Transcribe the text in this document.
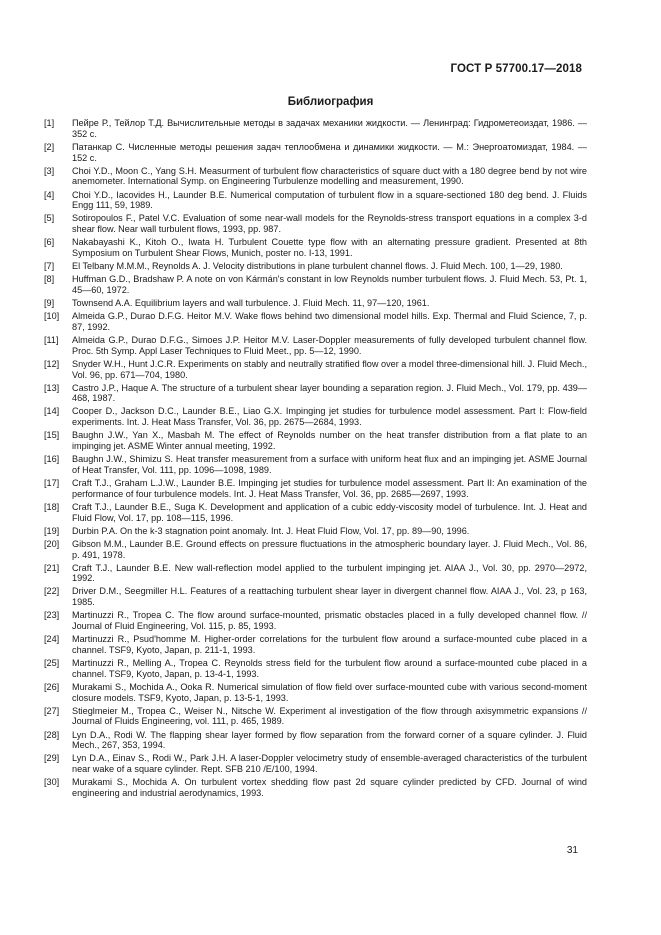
ГОСТ Р 57700.17—2018
Библиография
[1]	Пейре Р., Тейлор Т.Д. Вычислительные методы в задачах механики жидкости. — Ленинград: Гидрометеоиздат, 1986. — 352 с.
[2]	Патанкар С. Численные методы решения задач теплообмена и динамики жидкости. — М.: Энергоатомиздат, 1984. — 152 с.
[3]	Choi Y.D., Moon C., Yang S.H. Measurment of turbulent flow characteristics of square duct with a 180 degree bend by not wire anemometer. International Symp. on Engineering Turbulenze modelling and measurement, 1990.
[4]	Choi Y.D., Iacovides H., Launder B.E. Numerical computation of turbulent flow in a square-sectioned 180 deg bend. J. Fluids Engg 111, 59, 1989.
[5]	Sotiropoulos F., Patel V.C. Evaluation of some near-wall models for the Reynolds-stress transport equations in a complex 3-d shear flow. Near wall turbulent flows, 1993, pp. 987.
[6]	Nakabayashi K., Kitoh O., Iwata H. Turbulent Couette type flow with an alternating pressure gradient. Presented at 8th Symposium on Turbulent Shear Flows, Munich, poster no. I-13, 1991.
[7]	El Telbany M.M.M., Reynolds A. J. Velocity distributions in plane turbulent channel flows. J. Fluid Mech. 100, 1—29, 1980.
[8]	Huffman G.D., Bradshaw P. A note on von Kármán's constant in low Reynolds number turbulent flows. J. Fluid Mech. 53, Pt. 1, 45—60, 1972.
[9]	Townsend A.A. Equilibrium layers and wall turbulence. J. Fluid Mech. 11, 97—120, 1961.
[10]	Almeida G.P., Durao D.F.G. Heitor M.V. Wake flows behind two dimensional model hills. Exp. Thermal and Fluid Science, 7, p. 87, 1992.
[11]	Almeida G.P., Durao D.F.G., Simoes J.P. Heitor M.V. Laser-Doppler measurements of fully developed turbulent channel flow. Proc. 5th Symp. Appl Laser Techniques to Fluid Meet., pp. 5—12, 1990.
[12]	Snyder W.H., Hunt J.C.R. Experiments on stably and neutrally stratified flow over a model three-dimensional hill. J. Fluid Mech., Vol. 96, pp. 671—704, 1980.
[13]	Castro J.P., Haque A. The structure of a turbulent shear layer bounding a separation region. J. Fluid Mech., Vol. 179, pp. 439—468, 1987.
[14]	Cooper D., Jackson D.C., Launder B.E., Liao G.X. Impinging jet studies for turbulence model assessment. Part I: Flow-field experiments. Int. J. Heat Mass Transfer, Vol. 36, pp. 2675—2684, 1993.
[15]	Baughn J.W., Yan X., Masbah M. The effect of Reynolds number on the heat transfer distribution from a flat plate to an impinging jet. ASME Winter annual meeting, 1992.
[16]	Baughn J.W., Shimizu S. Heat transfer measurement from a surface with uniform heat flux and an impinging jet. ASME Journal of Heat Transfer, Vol. 111, pp. 1096—1098, 1989.
[17]	Craft T.J., Graham L.J.W., Launder B.E. Impinging jet studies for turbulence model assessment. Part II: An examination of the performance of four turbulence models. Int. J. Heat Mass Transfer, Vol. 36, pp. 2685—2697, 1993.
[18]	Craft T.J., Launder B.E., Suga K. Development and application of a cubic eddy-viscosity model of turbulence. Int. J. Heat and Fluid Flow, Vol. 17, pp. 108—115, 1996.
[19]	Durbin P.A. On the k-3 stagnation point anomaly. Int. J. Heat Fluid Flow, Vol. 17, pp. 89—90, 1996.
[20]	Gibson M.M., Launder B.E. Ground effects on pressure fluctuations in the atmospheric boundary layer. J. Fluid Mech., Vol. 86, p. 491, 1978.
[21]	Craft T.J., Launder B.E. New wall-reflection model applied to the turbulent impinging jet. AIAA J., Vol. 30, pp. 2970—2972, 1992.
[22]	Driver D.M., Seegmiller H.L. Features of a reattaching turbulent shear layer in divergent channel flow. AIAA J., Vol. 23, p 163, 1985.
[23]	Martinuzzi R., Tropea C. The flow around surface-mounted, prismatic obstacles placed in a fully developed channel flow. // Journal of Fluid Engineering, Vol. 115, p. 85, 1993.
[24]	Martinuzzi R., Psud'homme M. Higher-order correlations for the turbulent flow around a surface-mounted cube placed in a channel. TSF9, Kyoto, Japan, p. 211-1, 1993.
[25]	Martinuzzi R., Melling A., Tropea C. Reynolds stress field for the turbulent flow around a surface-mounted cube placed in a channel. TSF9, Kyoto, Japan, p. 13-4-1, 1993.
[26]	Murakami S., Mochida A., Ooka R. Numerical simulation of flow field over surface-mounted cube with various second-moment closure models. TSF9, Kyoto, Japan, p. 13-5-1, 1993.
[27]	Stieglmeier M., Tropea C., Weiser N., Nitsche W. Experiment al investigation of the flow through axisymmetric expansions // Journal of Fluids Engineering, vol. 111, p. 465, 1989.
[28]	Lyn D.A., Rodi W. The flapping shear layer formed by flow separation from the forward corner of a square cylinder. J. Fluid Mech., 267, 353, 1994.
[29]	Lyn D.A., Einav S., Rodi W., Park J.H. A laser-Doppler velocimetry study of ensemble-averaged characteristics of the turbulent near wake of a square cylinder. Rept. SFB 210 /E/100, 1994.
[30]	Murakami S., Mochida A. On turbulent vortex shedding flow past 2d square cylinder predicted by CFD. Journal of wind engineering and industrial aerodynamics, 1993.
31
